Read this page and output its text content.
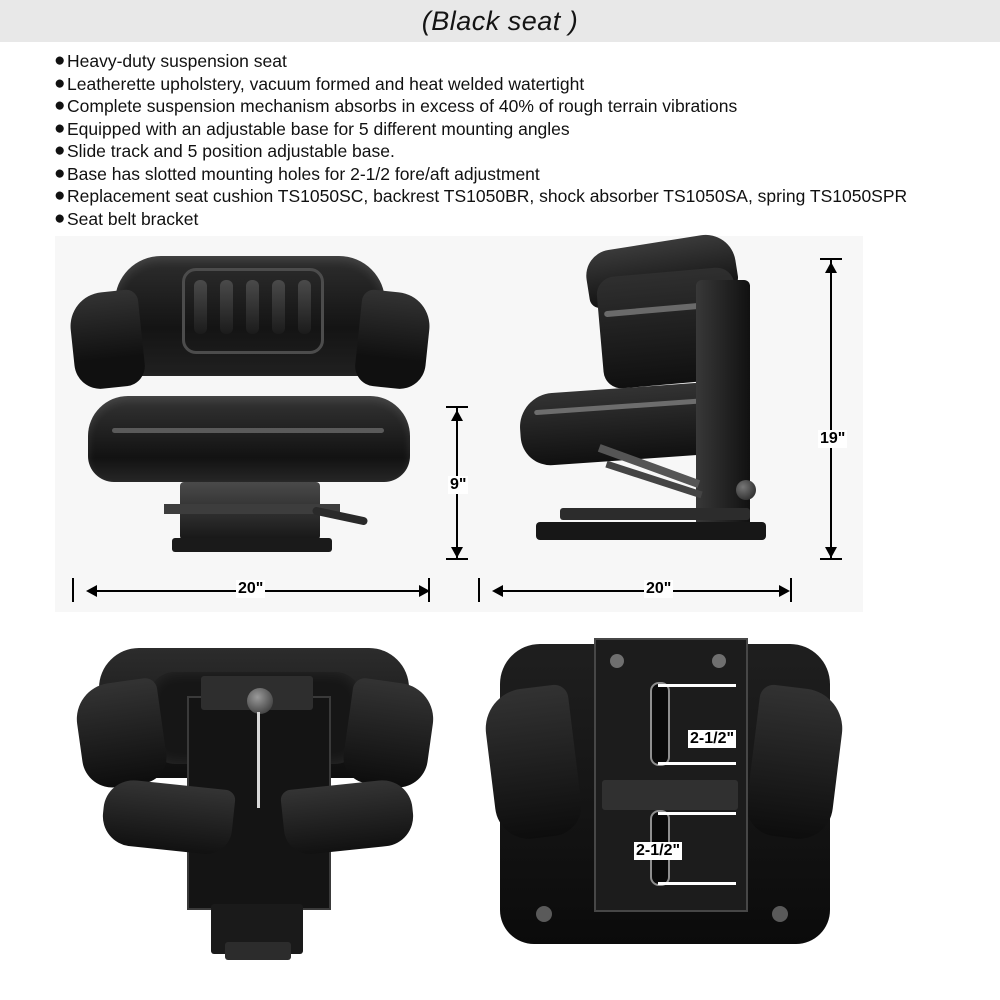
(Black seat )
● Heavy-duty suspension seat
● Leatherette upholstery, vacuum formed and heat welded watertight
● Complete suspension mechanism absorbs in excess of 40% of rough terrain vibrations
● Equipped with an adjustable base for 5 different mounting angles
● Slide track and 5 position adjustable base.
● Base has slotted mounting holes for 2-1/2 fore/aft adjustment
● Replacement seat cushion TS1050SC, backrest TS1050BR, shock absorber TS1050SA, spring TS1050SPR
● Seat belt bracket
20"
9"
20"
19"
2-1/2"
2-1/2"
